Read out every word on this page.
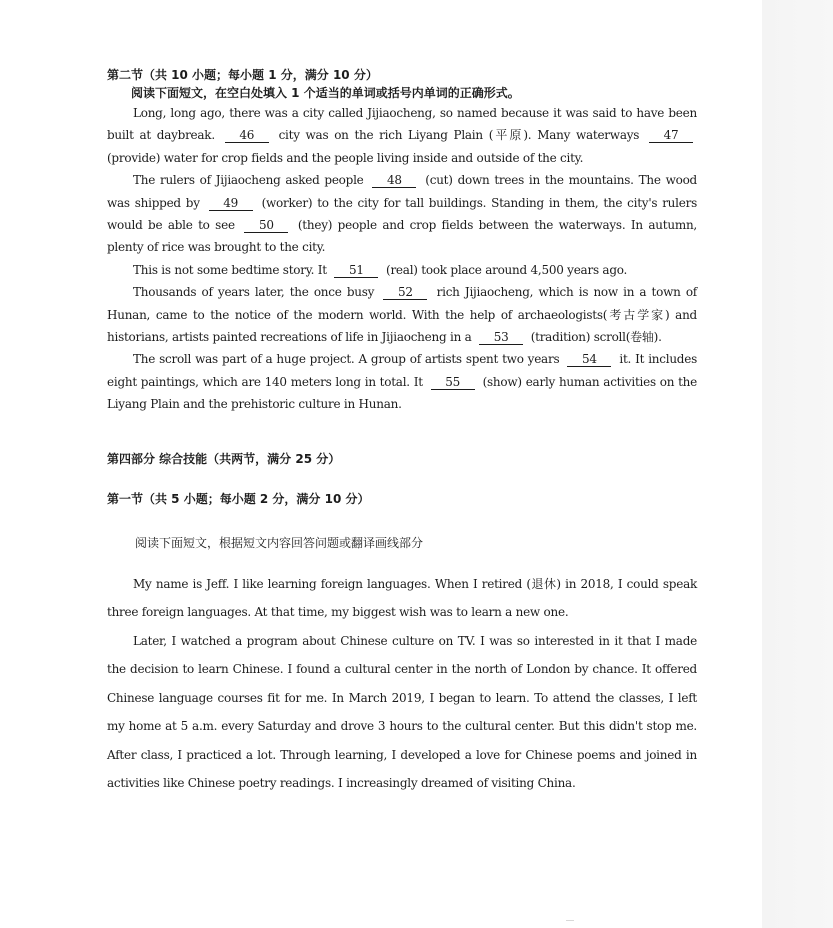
第二节（共 10 小题；每小题 1 分，满分 10 分）

阅读下面短文，在空白处填入 1 个适当的单词或括号内单词的正确形式。

Long, long ago, there was a city called Jijiaocheng, so named because it was said to have been built at daybreak. 46 city was on the rich Liyang Plain (平原). Many waterways 47 (provide) water for crop fields and the people living inside and outside of the city.

The rulers of Jijiaocheng asked people 48 (cut) down trees in the mountains. The wood was shipped by 49 (worker) to the city for tall buildings. Standing in them, the city's rulers would be able to see 50 (they) people and crop fields between the waterways. In autumn, plenty of rice was brought to the city.

This is not some bedtime story. It 51 (real) took place around 4,500 years ago.

Thousands of years later, the once busy 52 rich Jijiaocheng, which is now in a town of Hunan, came to the notice of the modern world. With the help of archaeologists(考古学家) and historians, artists painted recreations of life in Jijiaocheng in a 53 (tradition) scroll(卷轴).

The scroll was part of a huge project. A group of artists spent two years 54 it. It includes eight paintings, which are 140 meters long in total. It 55 (show) early human activities on the Liyang Plain and the prehistoric culture in Hunan.

第四部分 综合技能（共两节，满分 25 分）

第一节（共 5 小题；每小题 2 分，满分 10 分）

阅读下面短文，根据短文内容回答问题或翻译画线部分

My name is Jeff. I like learning foreign languages. When I retired (退休) in 2018, I could speak three foreign languages. At that time, my biggest wish was to learn a new one.

Later, I watched a program about Chinese culture on TV. I was so interested in it that I made the decision to learn Chinese. I found a cultural center in the north of London by chance. It offered Chinese language courses fit for me. In March 2019, I began to learn. To attend the classes, I left my home at 5 a.m. every Saturday and drove 3 hours to the cultural center. But this didn't stop me. After class, I practiced a lot. Through learning, I developed a love for Chinese poems and joined in activities like Chinese poetry readings. I increasingly dreamed of visiting China.
